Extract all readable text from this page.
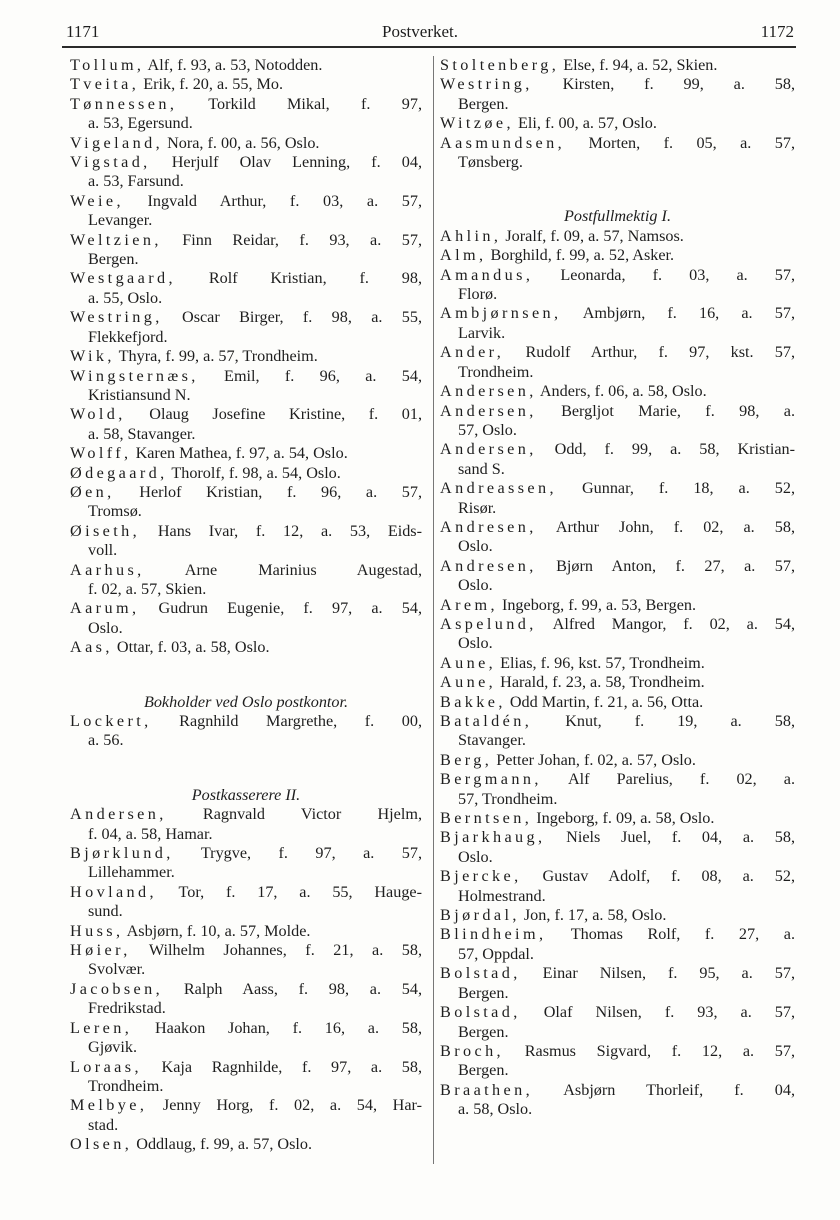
1171	Postverket.	1172
Tollum, Alf, f. 93, a. 53, Notodden.
Tveita, Erik, f. 20, a. 55, Mo.
Tønnessen, Torkild Mikal, f. 97,
a. 53, Egersund.
Vigeland, Nora, f. 00, a. 56, Oslo.
Vigstad, Herjulf Olav Lenning, f. 04,
a. 53, Farsund.
Weie, Ingvald Arthur, f. 03, a. 57,
Levanger.
Weltzien, Finn Reidar, f. 93, a. 57,
Bergen.
Westgaard, Rolf Kristian, f. 98,
a. 55, Oslo.
Westring, Oscar Birger, f. 98, a. 55,
Flekkefjord.
Wik, Thyra, f. 99, a. 57, Trondheim.
Wingsternæs, Emil, f. 96, a. 54,
Kristiansund N.
Wold, Olaug Josefine Kristine, f. 01,
a. 58, Stavanger.
Wolff, Karen Mathea, f. 97, a. 54, Oslo.
Ødegaard, Thorolf, f. 98, a. 54, Oslo.
Øen, Herlof Kristian, f. 96, a. 57,
Tromsø.
Øiseth, Hans Ivar, f. 12, a. 53, Eids-
voll.
Aarhus, Arne Marinius Augestad,
f. 02, a. 57, Skien.
Aarum, Gudrun Eugenie, f. 97, a. 54,
Oslo.
Aas, Ottar, f. 03, a. 58, Oslo.
Bokholder ved Oslo postkontor.
Lockert, Ragnhild Margrethe, f. 00,
a. 56.
Postkasserere II.
Andersen, Ragnvald Victor Hjelm,
f. 04, a. 58, Hamar.
Bjørklund, Trygve, f. 97, a. 57,
Lillehammer.
Hovland, Tor, f. 17, a. 55, Hauge-
sund.
Huss, Asbjørn, f. 10, a. 57, Molde.
Høier, Wilhelm Johannes, f. 21, a. 58,
Svolvær.
Jacobsen, Ralph Aass, f. 98, a. 54,
Fredrikstad.
Leren, Haakon Johan, f. 16, a. 58,
Gjøvik.
Loraas, Kaja Ragnhilde, f. 97, a. 58,
Trondheim.
Melbye, Jenny Horg, f. 02, a. 54, Har-
stad.
Olsen, Oddlaug, f. 99, a. 57, Oslo.
Stoltenberg, Else, f. 94, a. 52, Skien.
Westring, Kirsten, f. 99, a. 58,
Bergen.
Witzøe, Eli, f. 00, a. 57, Oslo.
Aasmundsen, Morten, f. 05, a. 57,
Tønsberg.
Postfullmektig I.
Ahlin, Joralf, f. 09, a. 57, Namsos.
Alm, Borghild, f. 99, a. 52, Asker.
Amandus, Leonarda, f. 03, a. 57,
Florø.
Ambjørnsen, Ambjørn, f. 16, a. 57,
Larvik.
Ander, Rudolf Arthur, f. 97, kst. 57,
Trondheim.
Andersen, Anders, f. 06, a. 58, Oslo.
Andersen, Bergljot Marie, f. 98, a.
57, Oslo.
Andersen, Odd, f. 99, a. 58, Kristian-
sand S.
Andreassen, Gunnar, f. 18, a. 52,
Risør.
Andresen, Arthur John, f. 02, a. 58,
Oslo.
Andresen, Bjørn Anton, f. 27, a. 57,
Oslo.
Arem, Ingeborg, f. 99, a. 53, Bergen.
Aspelund, Alfred Mangor, f. 02, a. 54,
Oslo.
Aune, Elias, f. 96, kst. 57, Trondheim.
Aune, Harald, f. 23, a. 58, Trondheim.
Bakke, Odd Martin, f. 21, a. 56, Otta.
Bataldén, Knut, f. 19, a. 58,
Stavanger.
Berg, Petter Johan, f. 02, a. 57, Oslo.
Bergmann, Alf Parelius, f. 02, a.
57, Trondheim.
Berntsen, Ingeborg, f. 09, a. 58, Oslo.
Bjarkhaug, Niels Juel, f. 04, a. 58,
Oslo.
Bjercke, Gustav Adolf, f. 08, a. 52,
Holmestrand.
Bjørdal, Jon, f. 17, a. 58, Oslo.
Blindheim, Thomas Rolf, f. 27, a.
57, Oppdal.
Bolstad, Einar Nilsen, f. 95, a. 57,
Bergen.
Bolstad, Olaf Nilsen, f. 93, a. 57,
Bergen.
Broch, Rasmus Sigvard, f. 12, a. 57,
Bergen.
Braathen, Asbjørn Thorleif, f. 04,
a. 58, Oslo.
